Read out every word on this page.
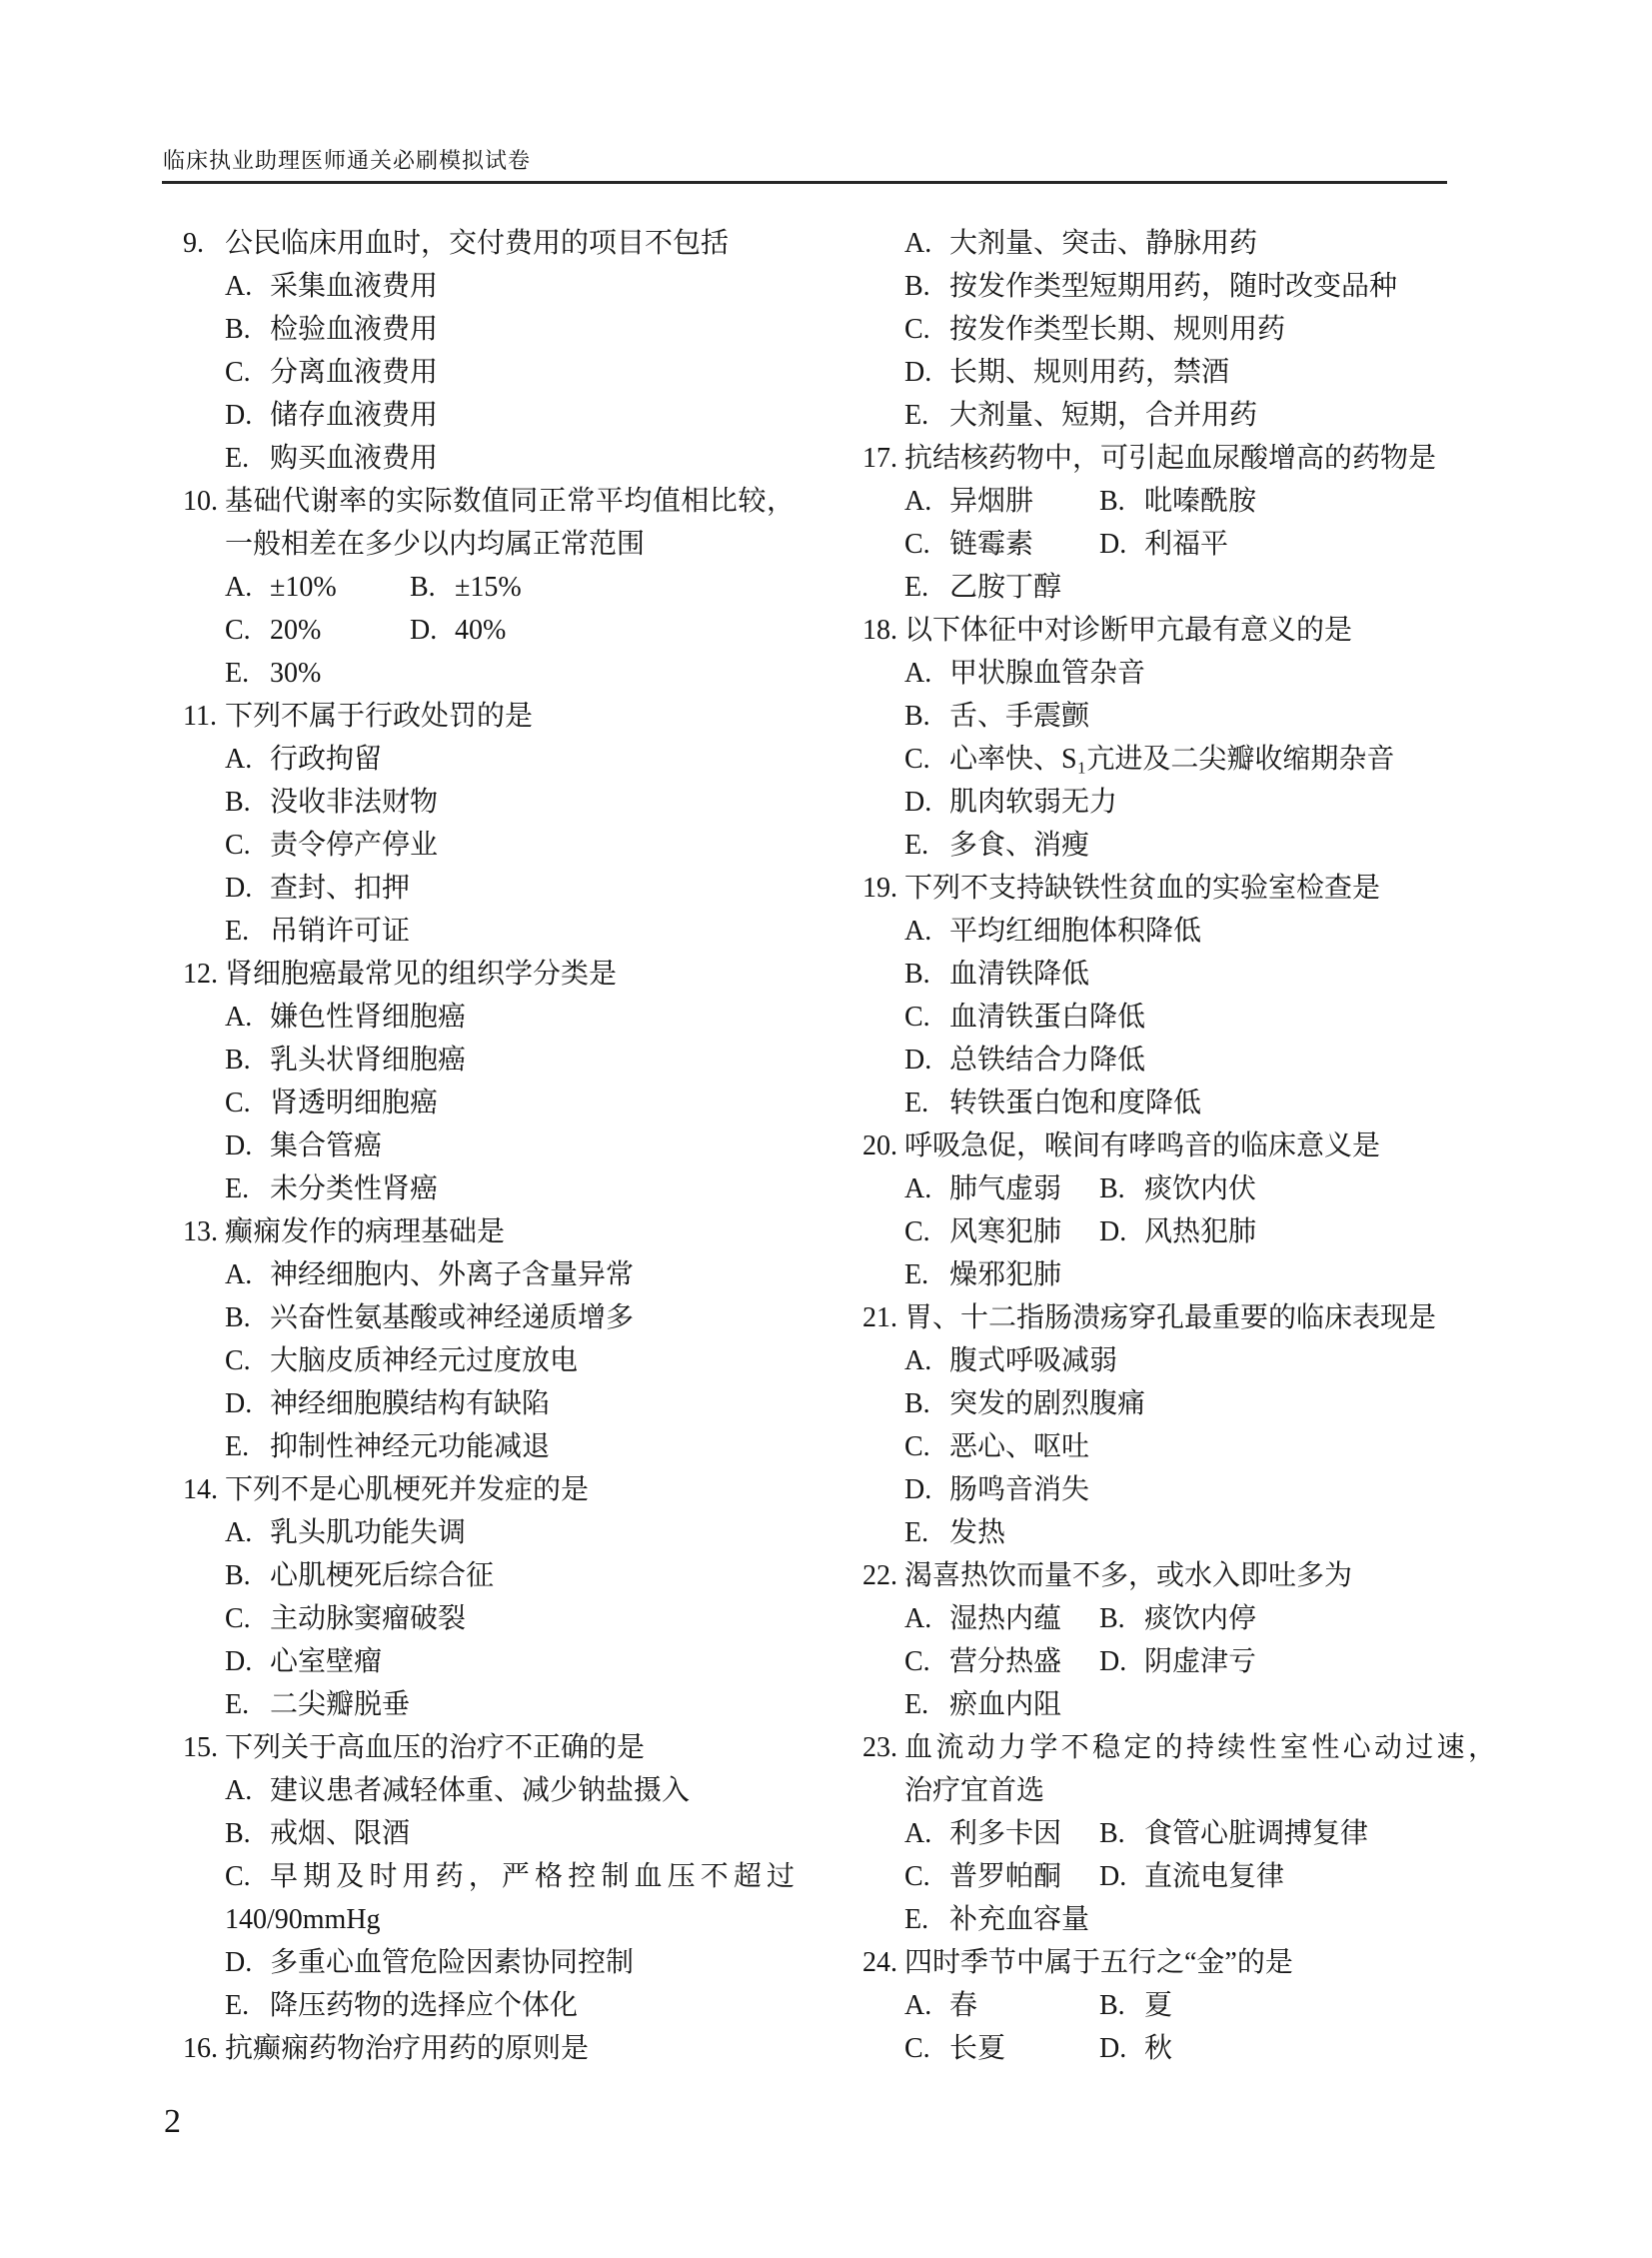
临床执业助理医师通关必刷模拟试卷
9. 公民临床用血时，交付费用的项目不包括
A. 采集血液费用
B. 检验血液费用
C. 分离血液费用
D. 储存血液费用
E. 购买血液费用
10. 基础代谢率的实际数值同正常平均值相比较，
一般相差在多少以内均属正常范围
A. ±10%	B. ±15%
C. 20%	D. 40%
E. 30%
11. 下列不属于行政处罚的是
A. 行政拘留
B. 没收非法财物
C. 责令停产停业
D. 查封、扣押
E. 吊销许可证
12. 肾细胞癌最常见的组织学分类是
A. 嫌色性肾细胞癌
B. 乳头状肾细胞癌
C. 肾透明细胞癌
D. 集合管癌
E. 未分类性肾癌
13. 癫痫发作的病理基础是
A. 神经细胞内、外离子含量异常
B. 兴奋性氨基酸或神经递质增多
C. 大脑皮质神经元过度放电
D. 神经细胞膜结构有缺陷
E. 抑制性神经元功能减退
14. 下列不是心肌梗死并发症的是
A. 乳头肌功能失调
B. 心肌梗死后综合征
C. 主动脉窦瘤破裂
D. 心室壁瘤
E. 二尖瓣脱垂
15. 下列关于高血压的治疗不正确的是
A. 建议患者减轻体重、减少钠盐摄入
B. 戒烟、限酒
C. 早期及时用药，严格控制血压不超过
140/90mmHg
D. 多重心血管危险因素协同控制
E. 降压药物的选择应个体化
16. 抗癫痫药物治疗用药的原则是
A. 大剂量、突击、静脉用药
B. 按发作类型短期用药，随时改变品种
C. 按发作类型长期、规则用药
D. 长期、规则用药，禁酒
E. 大剂量、短期，合并用药
17. 抗结核药物中，可引起血尿酸增高的药物是
A. 异烟肼 B. 吡嗪酰胺
C. 链霉素 D. 利福平
E. 乙胺丁醇
18. 以下体征中对诊断甲亢最有意义的是
A. 甲状腺血管杂音
B. 舌、手震颤
C. 心率快、S₁亢进及二尖瓣收缩期杂音
D. 肌肉软弱无力
E. 多食、消瘦
19. 下列不支持缺铁性贫血的实验室检查是
A. 平均红细胞体积降低
B. 血清铁降低
C. 血清铁蛋白降低
D. 总铁结合力降低
E. 转铁蛋白饱和度降低
20. 呼吸急促，喉间有哮鸣音的临床意义是
A. 肺气虚弱 B. 痰饮内伏
C. 风寒犯肺 D. 风热犯肺
E. 燥邪犯肺
21. 胃、十二指肠溃疡穿孔最重要的临床表现是
A. 腹式呼吸减弱
B. 突发的剧烈腹痛
C. 恶心、呕吐
D. 肠鸣音消失
E. 发热
22. 渴喜热饮而量不多，或水入即吐多为
A. 湿热内蕴 B. 痰饮内停
C. 营分热盛 D. 阴虚津亏
E. 瘀血内阻
23. 血流动力学不稳定的持续性室性心动过速，
治疗宜首选
A. 利多卡因 B. 食管心脏调搏复律
C. 普罗帕酮 D. 直流电复律
E. 补充血容量
24. 四时季节中属于五行之“金”的是
A. 春	B. 夏
C. 长夏	D. 秋
2
